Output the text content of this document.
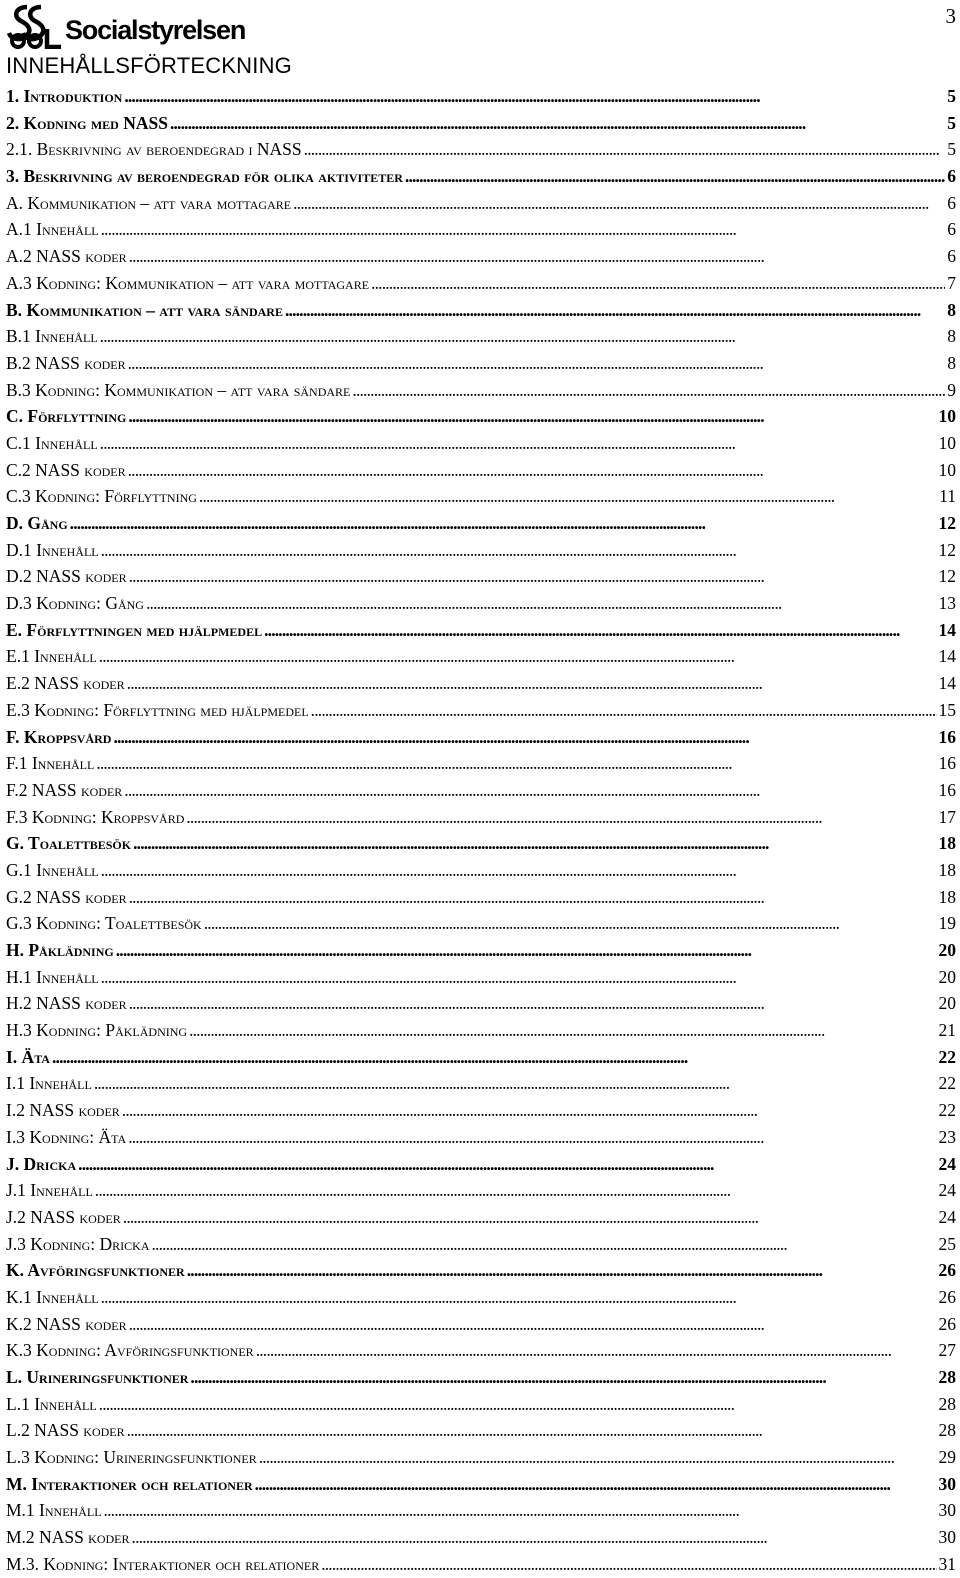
Socialstyrelsen	3
INNEHÅLLSFÖRTECKNING
1. Introduktion . . .	5
2. Kodning med NASS . . .	5
2.1. Beskrivning av beroendegrad i NASS . . .	5
3. Beskrivning av beroendegrad för olika aktiviteter . . .	6
A. Kommunikation – att vara mottagare . . .	6
A.1 Innehåll . . .	6
A.2 NASS koder . . .	6
A.3 Kodning: Kommunikation – att vara mottagare . . .	7
B. Kommunikation – att vara sändare . . .	8
B.1 Innehåll . . .	8
B.2 NASS koder . . .	8
B.3 Kodning: Kommunikation – att vara sändare . . .	9
C. Förflyttning . . .	10
C.1 Innehåll . . .	10
C.2 NASS koder . . .	10
C.3 Kodning: Förflyttning . . .	11
D. Gång . . .	12
D.1 Innehåll . . .	12
D.2 NASS koder . . .	12
D.3 Kodning: Gång . . .	13
E. Förflyttningen med hjälpmedel . . .	14
E.1 Innehåll . . .	14
E.2 NASS koder . . .	14
E.3 Kodning: Förflyttning med hjälpmedel . . .	15
F. Kroppsvård . . .	16
F.1 Innehåll . . .	16
F.2 NASS koder . . .	16
F.3 Kodning: Kroppsvård . . .	17
G. Toalettbesök . . .	18
G.1 Innehåll . . .	18
G.2 NASS koder . . .	18
G.3 Kodning: Toalettbesök . . .	19
H. Påklädning . . .	20
H.1 Innehåll . . .	20
H.2 NASS koder . . .	20
H.3 Kodning: Påklädning . . .	21
I. Äta . . .	22
I.1 Innehåll . . .	22
I.2 NASS koder . . .	22
I.3 Kodning: Äta . . .	23
J. Dricka . . .	24
J.1 Innehåll . . .	24
J.2 NASS koder . . .	24
J.3 Kodning: Dricka . . .	25
K. Avföringsfunktioner . . .	26
K.1 Innehåll . . .	26
K.2 NASS koder . . .	26
K.3 Kodning: Avföringsfunktioner . . .	27
L. Urineringsfunktioner . . .	28
L.1 Innehåll . . .	28
L.2 NASS koder . . .	28
L.3 Kodning: Urineringsfunktioner . . .	29
M. Interaktioner och relationer . . .	30
M.1 Innehåll . . .	30
M.2 NASS koder . . .	30
M.3. Kodning: Interaktioner och relationer . . .	31
